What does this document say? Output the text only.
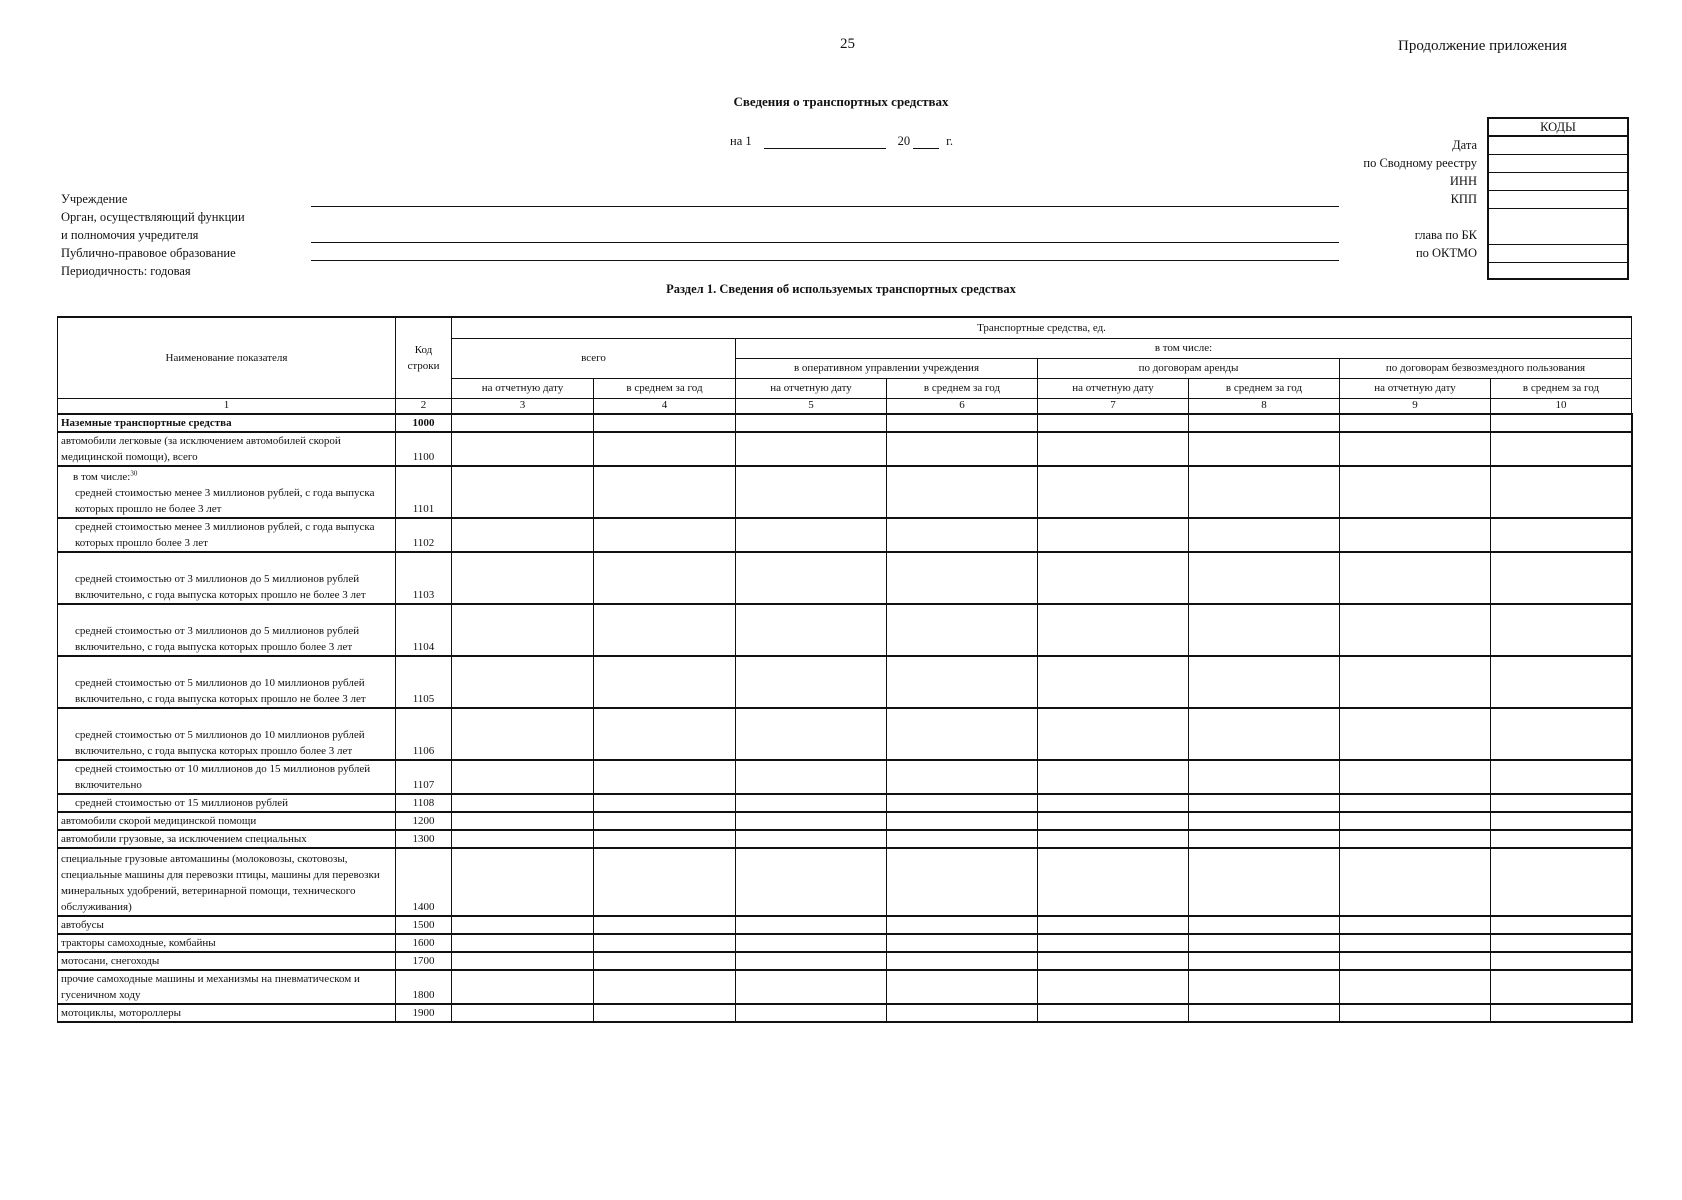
25	Продолжение приложения
Сведения о транспортных средствах
на 1	20	г.	Дата
по Сводному реестру
ИНН
КПП
глава по БК
по ОКТМО
КОДЫ
Учреждение
Орган, осуществляющий функции
и полномочия учредителя
Публично-правовое образование
Периодичность: годовая
Раздел 1. Сведения об используемых транспортных средствах
Наименование показателя	Код строки	Транспортные средства, ед.							
		всего		в том числе:					
				в оперативном управлении учреждения		по договорам аренды		по договорам безвозмездного пользования	
		на отчетную дату	в среднем за год	на отчетную дату	в среднем за год	на отчетную дату	в среднем за год	на отчетную дату	в среднем за год
1	2	3	4	5	6	7	8	9	10
Наземные транспортные средства	1000								
автомобили легковые (за исключением автомобилей скорой медицинской помощи), всего	1100								

в том числе:$^{30}$
средней стоимостью менее 3 миллионов рублей, с года выпуска которых прошло не более 3 лет	1101								
средней стоимостью менее 3 миллионов рублей, с года выпуска которых прошло более 3 лет	1102								
средней стоимостью от 3 миллионов до 5 миллионов рублей включительно, с года выпуска которых прошло не более 3 лет	1103								
средней стоимостью от 3 миллионов до 5 миллионов рублей включительно, с года выпуска которых прошло более 3 лет	1104								
средней стоимостью от 5 миллионов до 10 миллионов рублей включительно, с года выпуска которых прошло не более 3 лет	1105								
средней стоимостью от 5 миллионов до 10 миллионов рублей включительно, с года выпуска которых прошло более 3 лет	1106								
средней стоимостью от 10 миллионов до 15 миллионов рублей включительно	1107								
средней стоимостью от 15 миллионов рублей	1108								
автомобили скорой медицинской помощи	1200								
автомобили грузовые, за исключением специальных	1300								
специальные грузовые автомашины (молоковозы, скотовозы, специальные машины для перевозки птицы, машины для перевозки минеральных удобрений, ветеринарной помощи, технического обслуживания)	1400								
автобусы	1500								
тракторы самоходные, комбайны	1600								
мотосани, снегоходы	1700								
прочие самоходные машины и механизмы на пневматическом и гусеничном ходу	1800								
мотоциклы, мотороллеры	1900								
